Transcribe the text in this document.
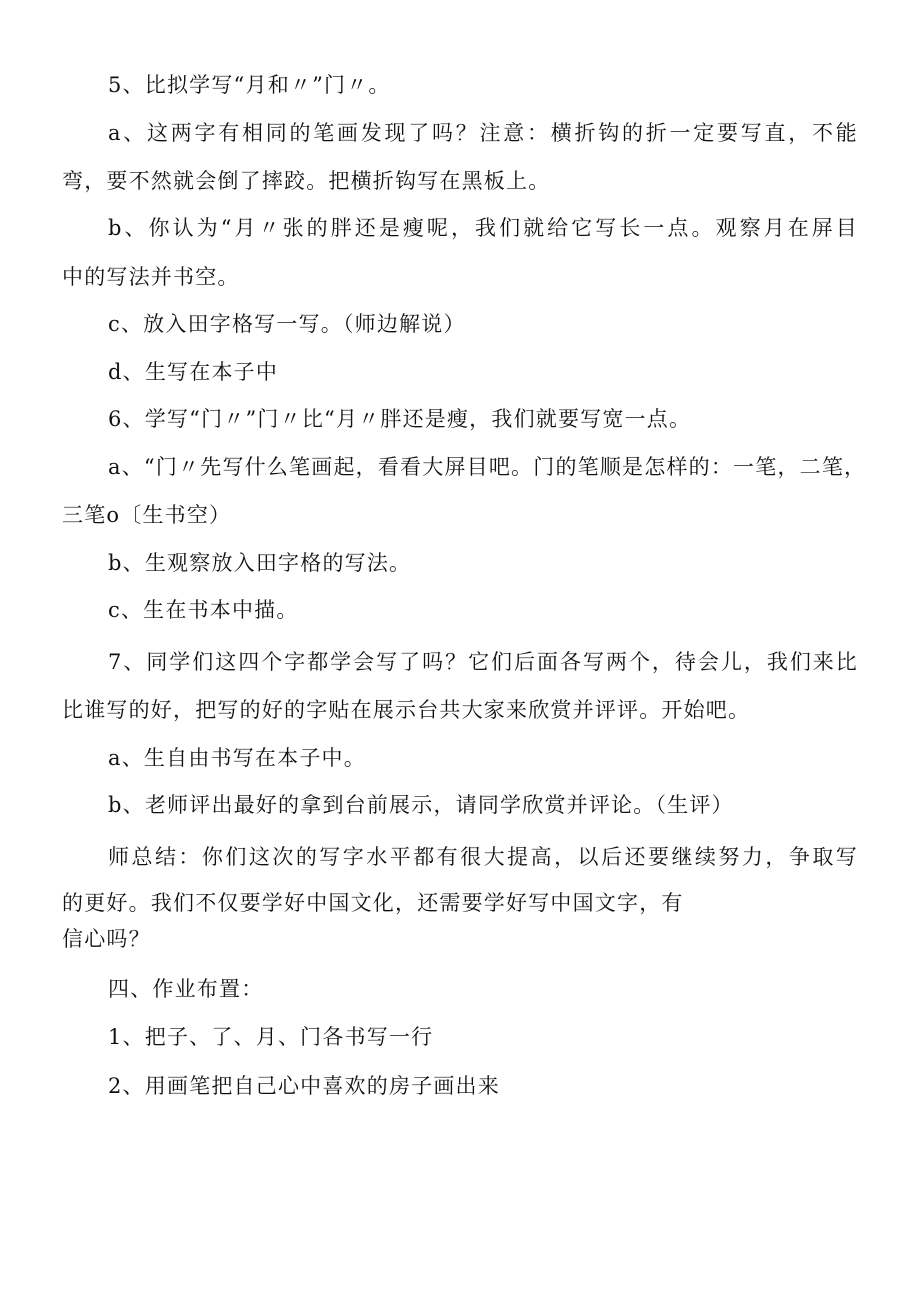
5、比拟学写“月和〃”门〃。
a、这两字有相同的笔画发现了吗？注意：横折钩的折一定要写直，不能
弯，要不然就会倒了摔跤。把横折钩写在黑板上。
b、你认为“月〃张的胖还是瘦呢，我们就给它写长一点。观察月在屏目
中的写法并书空。
c、放入田字格写一写。（师边解说）
d、生写在本子中
6、学写“门〃”门〃比“月〃胖还是瘦，我们就要写宽一点。
a、“门〃先写什么笔画起，看看大屏目吧。门的笔顺是怎样的：一笔，二笔，
三笔o〔生书空）
b、生观察放入田字格的写法。
c、生在书本中描。
7、同学们这四个字都学会写了吗？它们后面各写两个，待会儿，我们来比
比谁写的好，把写的好的字贴在展示台共大家来欣赏并评评。开始吧。
a、生自由书写在本子中。
b、老师评出最好的拿到台前展示，请同学欣赏并评论。（生评）
师总结：你们这次的写字水平都有很大提高，以后还要继续努力，争取写
的更好。我们不仅要学好中国文化，还需要学好写中国文字，有
信心吗？
四、作业布置：
1、把子、了、月、门各书写一行
2、用画笔把自己心中喜欢的房子画出来
